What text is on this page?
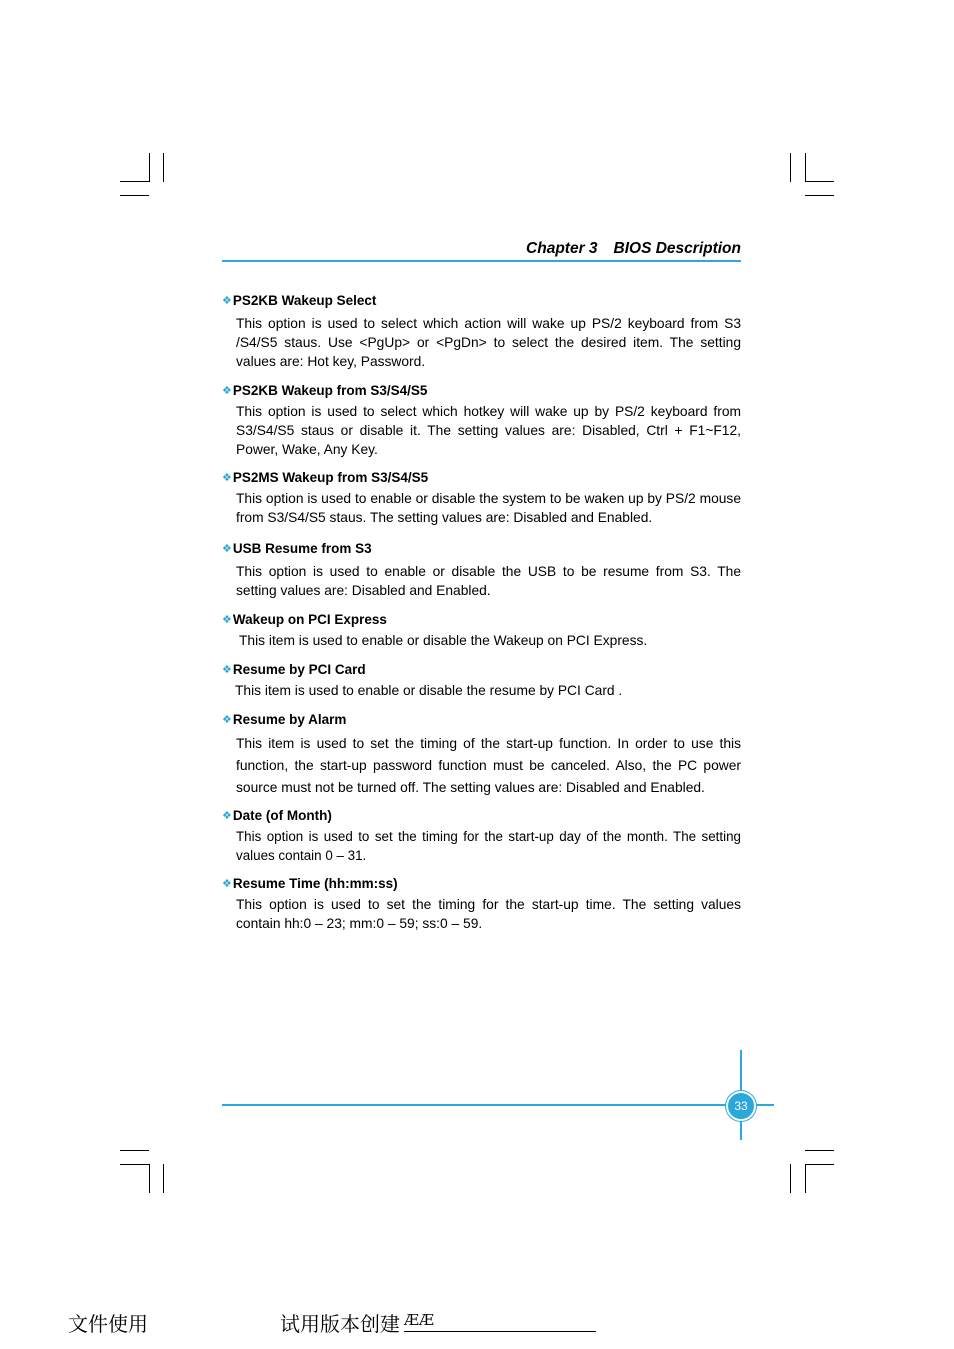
Chapter 3 BIOS Description
❖PS2KB Wakeup Select
This option is used to select which action will wake up PS/2 keyboard from S3 /S4/S5 staus. Use <PgUp> or <PgDn> to select the desired item. The setting values are: Hot key, Password.
❖PS2KB Wakeup from S3/S4/S5
This option is used to select which hotkey will wake up by PS/2 keyboard from S3/S4/S5 staus or disable it. The setting values are: Disabled, Ctrl + F1~F12, Power, Wake, Any Key.
❖PS2MS Wakeup from S3/S4/S5
This option is used to enable or disable the system to be waken up by PS/2 mouse from S3/S4/S5 staus. The setting values are: Disabled and Enabled.
❖USB Resume from S3
This option is used to enable or disable the USB to be resume from S3. The setting values are: Disabled and Enabled.
❖Wakeup on PCI Express
This item is used to enable or disable the Wakeup on PCI Express.
❖Resume by PCI Card
This item is used to enable or disable the resume by PCI Card .
❖Resume by Alarm
This item is used to set the timing of the start-up function. In order to use this function, the start-up password function must be canceled. Also, the PC power source must not be turned off. The setting values are: Disabled and Enabled.
❖Date (of Month)
This option is used to set the timing for the start-up day of the month. The setting values contain 0 – 31.
❖Resume Time (hh:mm:ss)
This option is used to set the timing for the start-up time. The setting values contain hh:0 – 23; mm:0 – 59; ss:0 – 59.
33
文件使用	试用版本创建 ÆÆ
